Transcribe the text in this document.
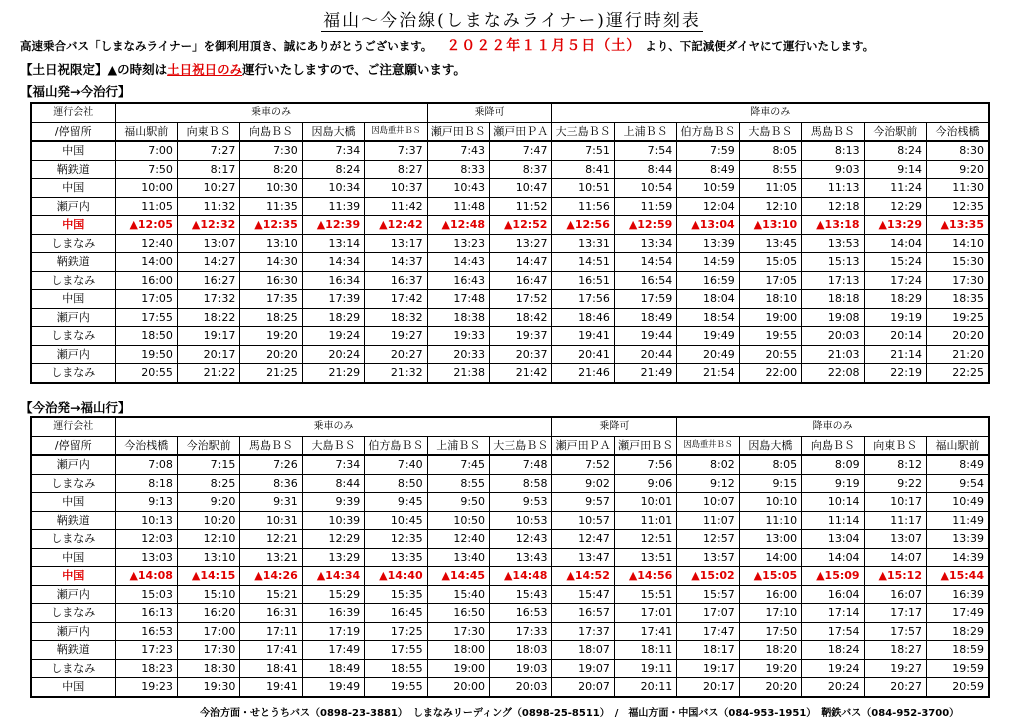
福山～今治線(しまなみライナー)運行時刻表
高速乗合バス「しまなみライナー」を御利用頂き、誠にありがとうございます。 ２０２２年１１月５日（土） より、下記減便ダイヤにて運行いたします。
【土日祝限定】▲の時刻は土日祝日のみ運行いたしますので、ご注意願います。
【福山発→今治行】
運行会社	乗車のみ					乗降可		降車のみ						
/停留所	福山駅前	向東ＢＳ	向島ＢＳ	因島大橋	因島重井ＢＳ	瀬戸田ＢＳ	瀬戸田ＰＡ	大三島ＢＳ	上浦ＢＳ	伯方島ＢＳ	大島ＢＳ	馬島ＢＳ	今治駅前	今治桟橋
中国	7:00	7:27	7:30	7:34	7:37	7:43	7:47	7:51	7:54	7:59	8:05	8:13	8:24	8:30
鞆鉄道	7:50	8:17	8:20	8:24	8:27	8:33	8:37	8:41	8:44	8:49	8:55	9:03	9:14	9:20
中国	10:00	10:27	10:30	10:34	10:37	10:43	10:47	10:51	10:54	10:59	11:05	11:13	11:24	11:30
瀬戸内	11:05	11:32	11:35	11:39	11:42	11:48	11:52	11:56	11:59	12:04	12:10	12:18	12:29	12:35
中国	▲12:05	▲12:32	▲12:35	▲12:39	▲12:42	▲12:48	▲12:52	▲12:56	▲12:59	▲13:04	▲13:10	▲13:18	▲13:29	▲13:35
しまなみ	12:40	13:07	13:10	13:14	13:17	13:23	13:27	13:31	13:34	13:39	13:45	13:53	14:04	14:10
鞆鉄道	14:00	14:27	14:30	14:34	14:37	14:43	14:47	14:51	14:54	14:59	15:05	15:13	15:24	15:30
しまなみ	16:00	16:27	16:30	16:34	16:37	16:43	16:47	16:51	16:54	16:59	17:05	17:13	17:24	17:30
中国	17:05	17:32	17:35	17:39	17:42	17:48	17:52	17:56	17:59	18:04	18:10	18:18	18:29	18:35
瀬戸内	17:55	18:22	18:25	18:29	18:32	18:38	18:42	18:46	18:49	18:54	19:00	19:08	19:19	19:25
しまなみ	18:50	19:17	19:20	19:24	19:27	19:33	19:37	19:41	19:44	19:49	19:55	20:03	20:14	20:20
瀬戸内	19:50	20:17	20:20	20:24	20:27	20:33	20:37	20:41	20:44	20:49	20:55	21:03	21:14	21:20
しまなみ	20:55	21:22	21:25	21:29	21:32	21:38	21:42	21:46	21:49	21:54	22:00	22:08	22:19	22:25
【今治発→福山行】
運行会社	乗車のみ							乗降可		降車のみ				
/停留所	今治桟橋	今治駅前	馬島ＢＳ	大島ＢＳ	伯方島ＢＳ	上浦ＢＳ	大三島ＢＳ	瀬戸田ＰＡ	瀬戸田ＢＳ	因島重井ＢＳ	因島大橋	向島ＢＳ	向東ＢＳ	福山駅前
瀬戸内	7:08	7:15	7:26	7:34	7:40	7:45	7:48	7:52	7:56	8:02	8:05	8:09	8:12	8:49
しまなみ	8:18	8:25	8:36	8:44	8:50	8:55	8:58	9:02	9:06	9:12	9:15	9:19	9:22	9:54
中国	9:13	9:20	9:31	9:39	9:45	9:50	9:53	9:57	10:01	10:07	10:10	10:14	10:17	10:49
鞆鉄道	10:13	10:20	10:31	10:39	10:45	10:50	10:53	10:57	11:01	11:07	11:10	11:14	11:17	11:49
しまなみ	12:03	12:10	12:21	12:29	12:35	12:40	12:43	12:47	12:51	12:57	13:00	13:04	13:07	13:39
中国	13:03	13:10	13:21	13:29	13:35	13:40	13:43	13:47	13:51	13:57	14:00	14:04	14:07	14:39
中国	▲14:08	▲14:15	▲14:26	▲14:34	▲14:40	▲14:45	▲14:48	▲14:52	▲14:56	▲15:02	▲15:05	▲15:09	▲15:12	▲15:44
瀬戸内	15:03	15:10	15:21	15:29	15:35	15:40	15:43	15:47	15:51	15:57	16:00	16:04	16:07	16:39
しまなみ	16:13	16:20	16:31	16:39	16:45	16:50	16:53	16:57	17:01	17:07	17:10	17:14	17:17	17:49
瀬戸内	16:53	17:00	17:11	17:19	17:25	17:30	17:33	17:37	17:41	17:47	17:50	17:54	17:57	18:29
鞆鉄道	17:23	17:30	17:41	17:49	17:55	18:00	18:03	18:07	18:11	18:17	18:20	18:24	18:27	18:59
しまなみ	18:23	18:30	18:41	18:49	18:55	19:00	19:03	19:07	19:11	19:17	19:20	19:24	19:27	19:59
中国	19:23	19:30	19:41	19:49	19:55	20:00	20:03	20:07	20:11	20:17	20:20	20:24	20:27	20:59
今治方面・せとうちバス（0898-23-3881）　しまなみリーディング（0898-25-8511）　/　福山方面・中国バス（084-953-1951）　鞆鉄バス（084-952-3700）
